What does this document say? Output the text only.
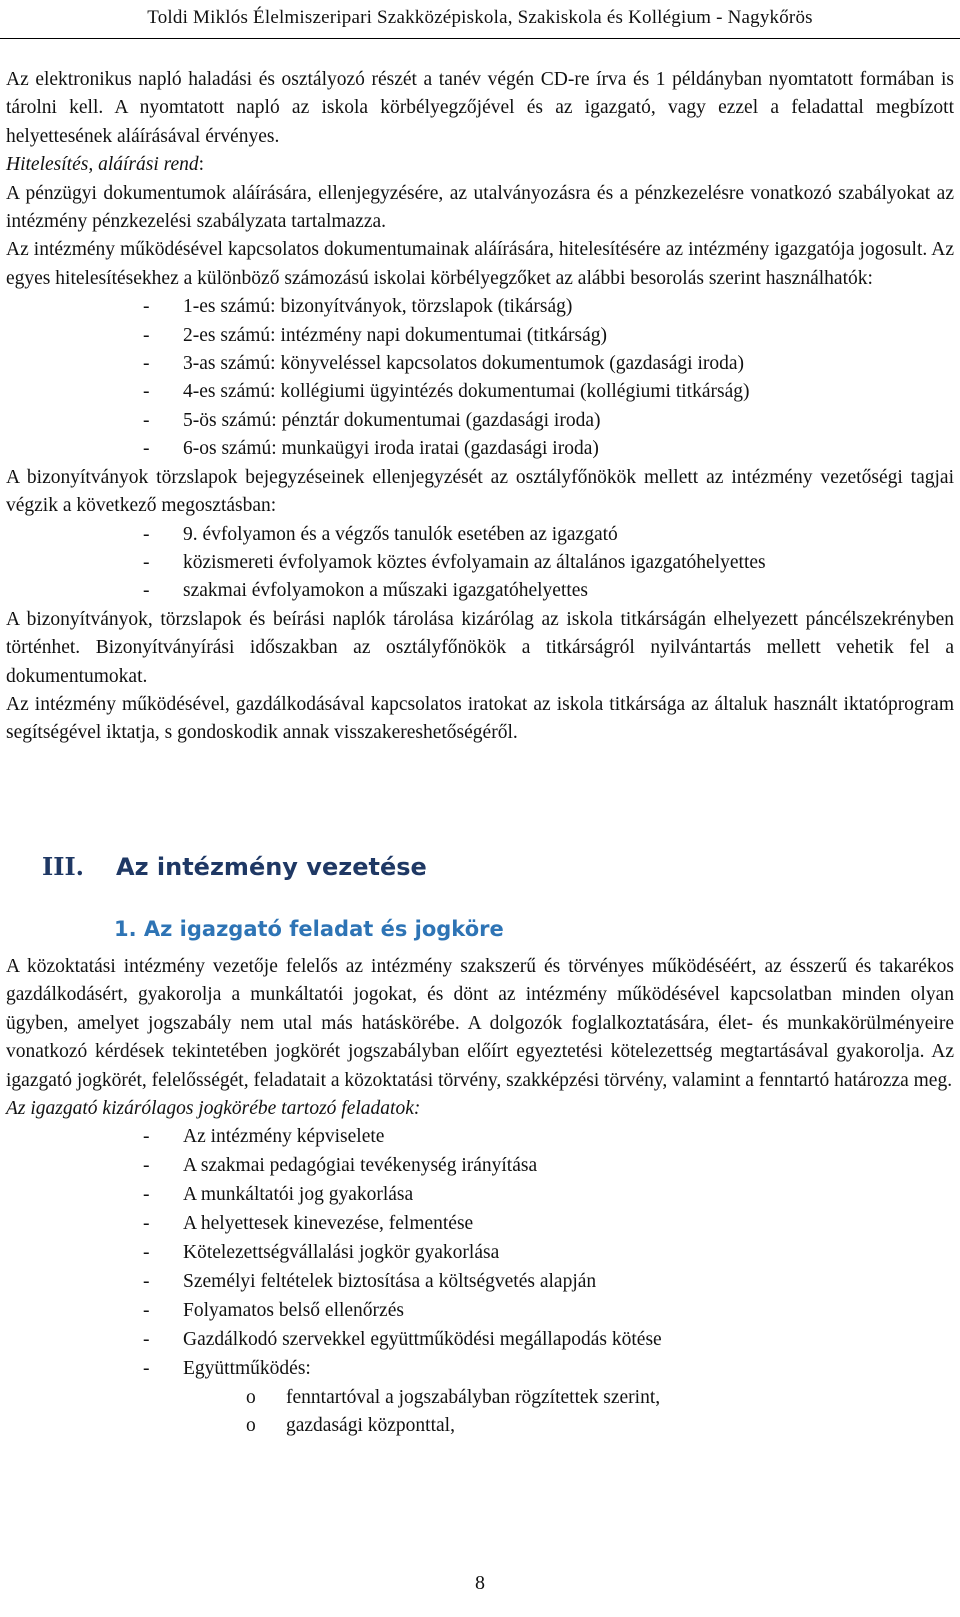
Toldi Miklós Élelmiszeripari Szakközépiskola, Szakiskola és Kollégium - Nagykőrös

Az elektronikus napló haladási és osztályozó részét a tanév végén CD-re írva és 1 példányban nyomtatott formában is tárolni kell. A nyomtatott napló az iskola körbélyegzőjével és az igazgató, vagy ezzel a feladattal megbízott helyettesének aláírásával érvényes.

Hitelesítés, aláírási rend:

A pénzügyi dokumentumok aláírására, ellenjegyzésére, az utalványozásra és a pénzkezelésre vonatkozó szabályokat az intézmény pénzkezelési szabályzata tartalmazza.

Az intézmény működésével kapcsolatos dokumentumainak aláírására, hitelesítésére az intézmény igazgatója jogosult. Az egyes hitelesítésekhez a különböző számozású iskolai körbélyegzőket az alábbi besorolás szerint használhatók:

- 1-es számú: bizonyítványok, törzslapok (tikárság)
- 2-es számú: intézmény napi dokumentumai (titkárság)
- 3-as számú: könyveléssel kapcsolatos dokumentumok (gazdasági iroda)
- 4-es számú: kollégiumi ügyintézés dokumentumai (kollégiumi titkárság)
- 5-ös számú: pénztár dokumentumai (gazdasági iroda)
- 6-os számú: munkaügyi iroda iratai (gazdasági iroda)

A bizonyítványok törzslapok bejegyzéseinek ellenjegyzését az osztályfőnökök mellett az intézmény vezetőségi tagjai végzik a következő megosztásban:

- 9. évfolyamon és a végzős tanulók esetében az igazgató
- közismereti évfolyamok köztes évfolyamain az általános igazgatóhelyettes
- szakmai évfolyamokon a műszaki igazgatóhelyettes

A bizonyítványok, törzslapok és beírási naplók tárolása kizárólag az iskola titkárságán elhelyezett páncélszekrényben történhet. Bizonyítványírási időszakban az osztályfőnökök a titkárságról nyilvántartás mellett vehetik fel a dokumentumokat.

Az intézmény működésével, gazdálkodásával kapcsolatos iratokat az iskola titkársága az általuk használt iktatóprogram segítségével iktatja, s gondoskodik annak visszakereshetőségéről.

III. Az intézmény vezetése
1. Az igazgató feladat és jogköre

A közoktatási intézmény vezetője felelős az intézmény szakszerű és törvényes működéséért, az ésszerű és takarékos gazdálkodásért, gyakorolja a munkáltatói jogokat, és dönt az intézmény működésével kapcsolatban minden olyan ügyben, amelyet jogszabály nem utal más hatáskörébe. A dolgozók foglalkoztatására, élet- és munkakörülményeire vonatkozó kérdések tekintetében jogkörét jogszabályban előírt egyeztetési kötelezettség megtartásával gyakorolja. Az igazgató jogkörét, felelősségét, feladatait a közoktatási törvény, szakképzési törvény, valamint a fenntartó határozza meg.

Az igazgató kizárólagos jogkörébe tartozó feladatok:

- Az intézmény képviselete
- A szakmai pedagógiai tevékenység irányítása
- A munkáltatói jog gyakorlása
- A helyettesek kinevezése, felmentése
- Kötelezettségvállalási jogkör gyakorlása
- Személyi feltételek biztosítása a költségvetés alapján
- Folyamatos belső ellenőrzés
- Gazdálkodó szervekkel együttműködési megállapodás kötése
- Együttműködés:
o fenntartóval a jogszabályban rögzítettek szerint,
o gazdasági központtal,
8
